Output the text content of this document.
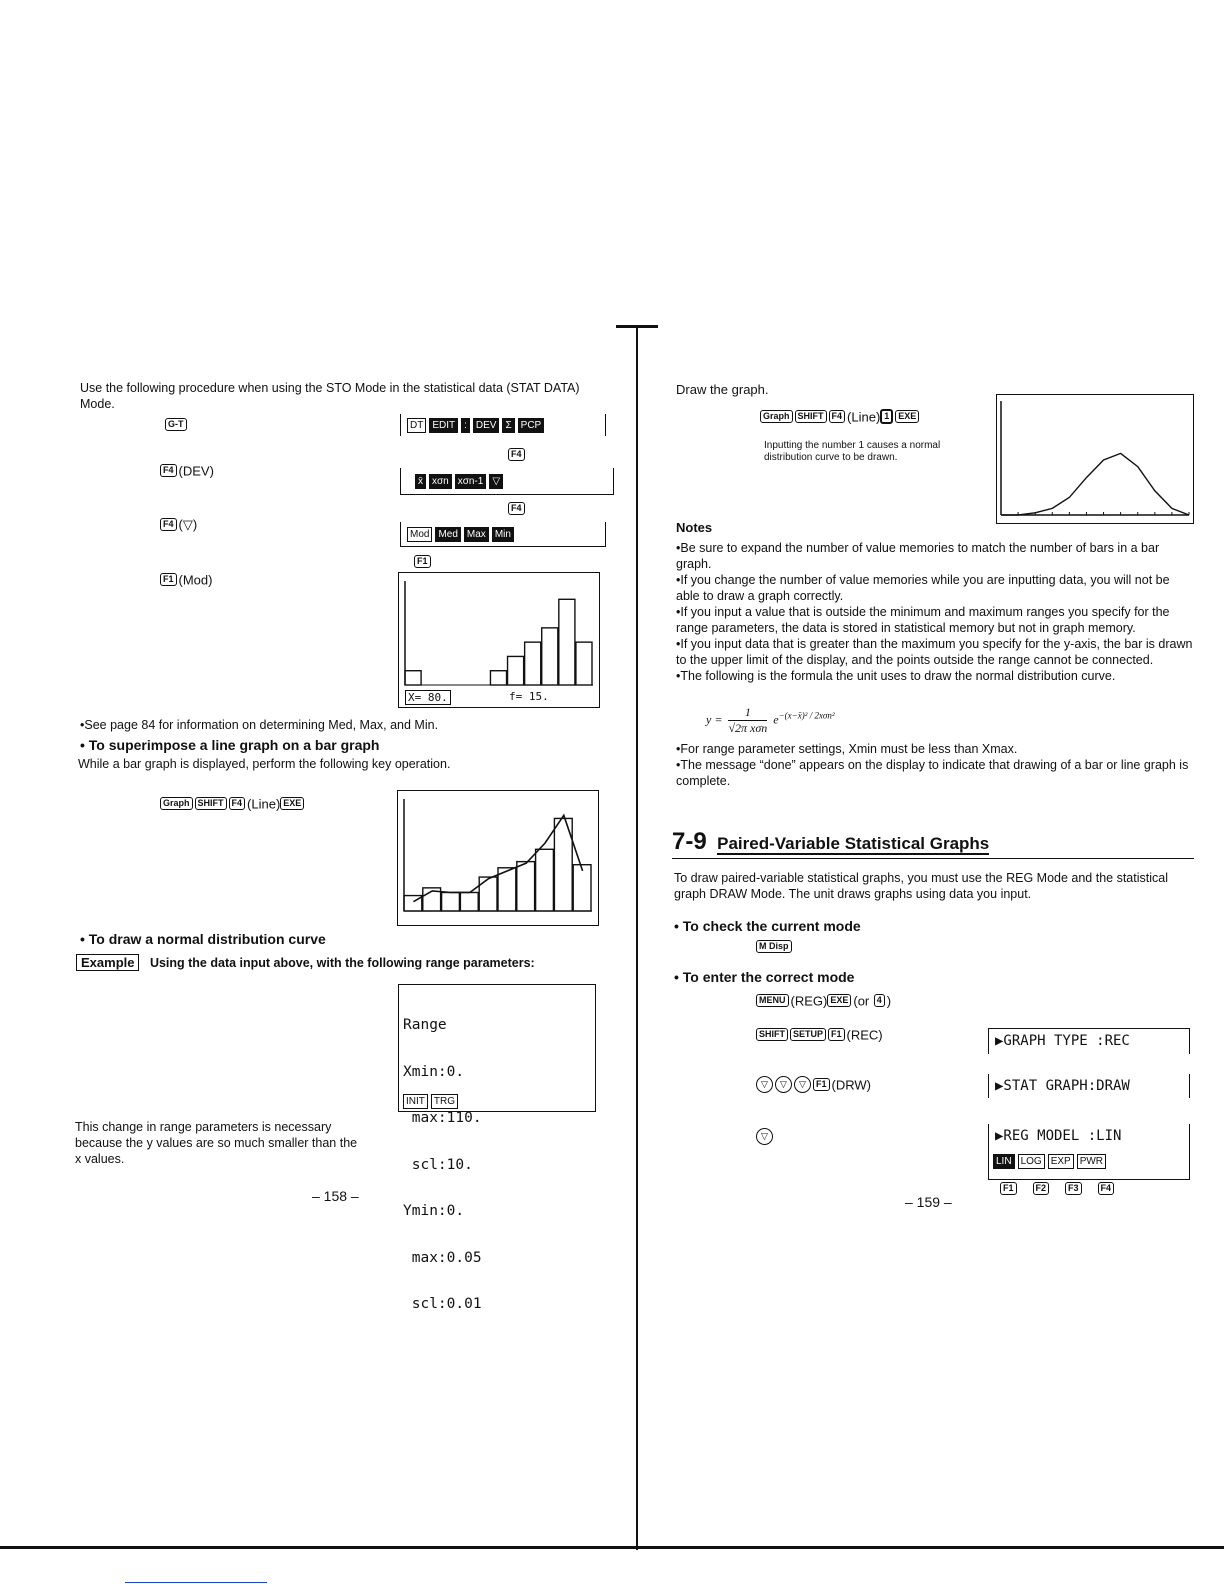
Use the following procedure when using the STO Mode in the statistical data (STAT DATA) Mode.
G-T
F4 (DEV)
F4 (▽)
F1 (Mod)
DT EDIT : DEV Σ PCP
F4
x̄ xσn xσn-1 ▽
F4
Mod Med Max Min
F1
X= 80.	f= 15.
•See page 84 for information on determining Med, Max, and Min.
• To superimpose a line graph on a bar graph
While a bar graph is displayed, perform the following key operation.
Graph SHIFT F4 (Line) EXE
• To draw a normal distribution curve
Example Using the data input above, with the following range parameters:

Range

Xmin:0.

max:110.

scl:10.

Ymin:0.

max:0.05

scl:0.01

INIT TRG
This change in range parameters is necessary because the y values are so much smaller than the x values.
– 158 –
Draw the graph.
Graph SHIFT F4 (Line) 1 EXE
Inputting the number 1 causes a normal distribution curve to be drawn.
Notes
•Be sure to expand the number of value memories to match the number of bars in a bar graph.
•If you change the number of value memories while you are inputting data, you will not be able to draw a graph correctly.
•If you input a value that is outside the minimum and maximum ranges you specify for the range parameters, the data is stored in statistical memory but not in graph memory.
•If you input data that is greater than the maximum you specify for the y-axis, the bar is drawn to the upper limit of the display, and the points outside the range cannot be connected.
•The following is the formula the unit uses to draw the normal distribution curve.
y =
1
√2π xσn
$e^{-(x-x̄)^2 / 2x\sigma n^2}$
•For range parameter settings, Xmin must be less than Xmax.
•The message “done” appears on the display to indicate that drawing of a bar or line graph is complete.
7-9 Paired-Variable Statistical Graphs
To draw paired-variable statistical graphs, you must use the REG Mode and the statistical graph DRAW Mode. The unit draws graphs using data you input.
• To check the current mode
M Disp
• To enter the correct mode
MENU (REG) EXE (or 4 )
SHIFT SETUP F1 (REC)
▽ ▽ ▽ F1 (DRW)
▽
▶GRAPH TYPE :REC
▶STAT GRAPH:DRAW
▶REG MODEL :LIN
LIN LOG EXP PWR
F1	F2	F3	F4
– 159 –
